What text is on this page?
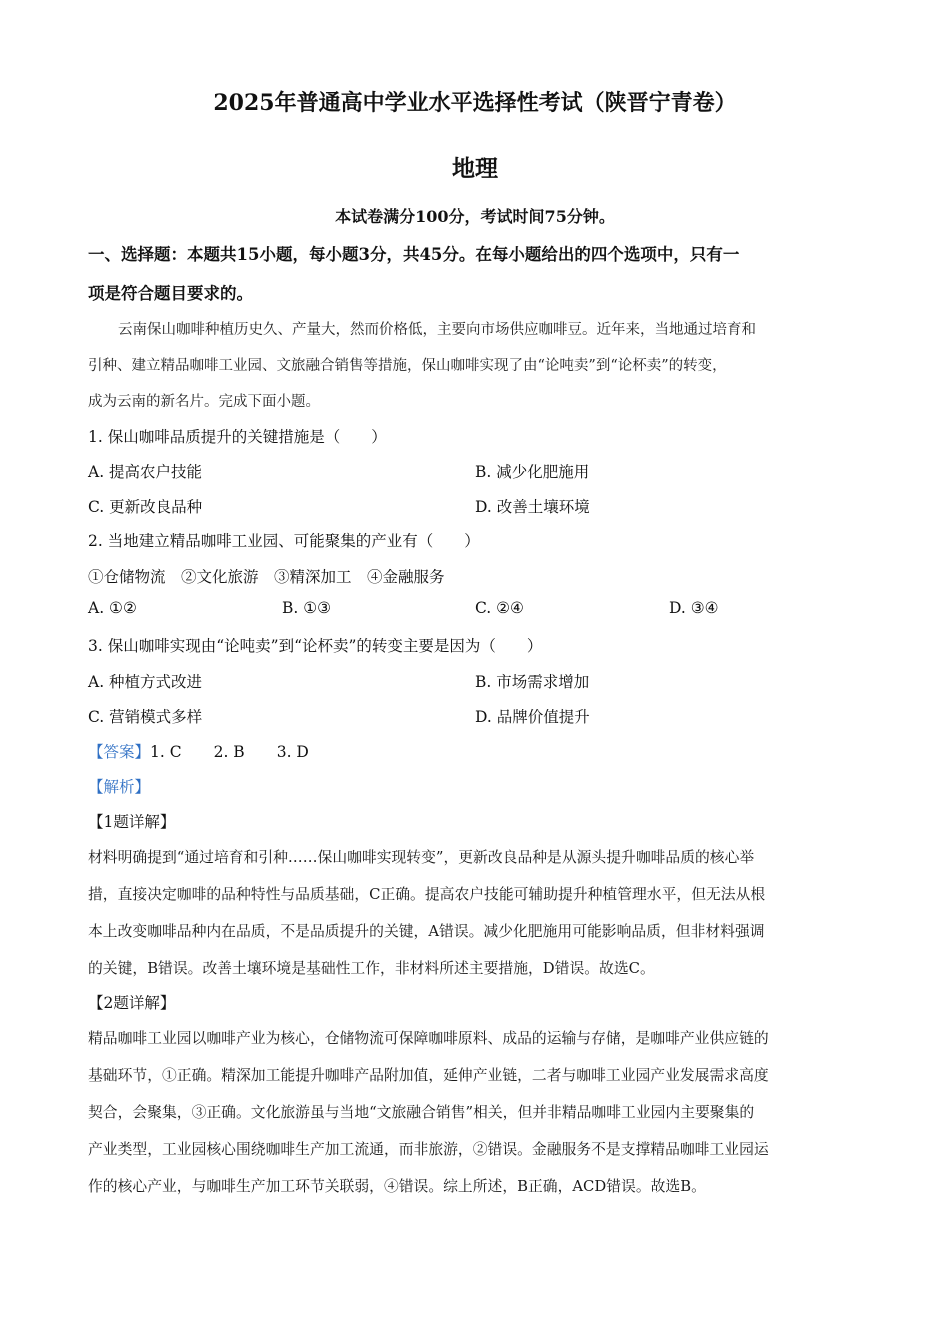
2025年普通高中学业水平选择性考试（陕晋宁青卷）
地理
本试卷满分100分，考试时间75分钟。
一、选择题：本题共15小题，每小题3分，共45分。在每小题给出的四个选项中，只有一
项是符合题目要求的。
云南保山咖啡种植历史久、产量大，然而价格低，主要向市场供应咖啡豆。近年来，当地通过培育和
引种、建立精品咖啡工业园、文旅融合销售等措施，保山咖啡实现了由“论吨卖”到“论杯卖”的转变，
成为云南的新名片。完成下面小题。
1. 保山咖啡品质提升的关键措施是（　　）
A. 提高农户技能	B. 减少化肥施用
C. 更新改良品种	D. 改善土壤环境
2. 当地建立精品咖啡工业园、可能聚集的产业有（　　）
①仓储物流　②文化旅游　③精深加工　④金融服务
A. ①②	B. ①③	C. ②④	D. ③④
3. 保山咖啡实现由“论吨卖”到“论杯卖”的转变主要是因为（　　）
A. 种植方式改进	B. 市场需求增加
C. 营销模式多样	D. 品牌价值提升
【答案】1. C 2. B 3. D
【解析】
【1题详解】
材料明确提到“通过培育和引种……保山咖啡实现转变”，更新改良品种是从源头提升咖啡品质的核心举
措，直接决定咖啡的品种特性与品质基础，C正确。提高农户技能可辅助提升种植管理水平，但无法从根
本上改变咖啡品种内在品质，不是品质提升的关键，A错误。减少化肥施用可能影响品质，但非材料强调
的关键，B错误。改善土壤环境是基础性工作，非材料所述主要措施，D错误。故选C。
【2题详解】
精品咖啡工业园以咖啡产业为核心，仓储物流可保障咖啡原料、成品的运输与存储，是咖啡产业供应链的
基础环节，①正确。精深加工能提升咖啡产品附加值，延伸产业链，二者与咖啡工业园产业发展需求高度
契合，会聚集，③正确。文化旅游虽与当地“文旅融合销售”相关，但并非精品咖啡工业园内主要聚集的
产业类型，工业园核心围绕咖啡生产加工流通，而非旅游，②错误。金融服务不是支撑精品咖啡工业园运
作的核心产业，与咖啡生产加工环节关联弱，④错误。综上所述，B正确，ACD错误。故选B。
